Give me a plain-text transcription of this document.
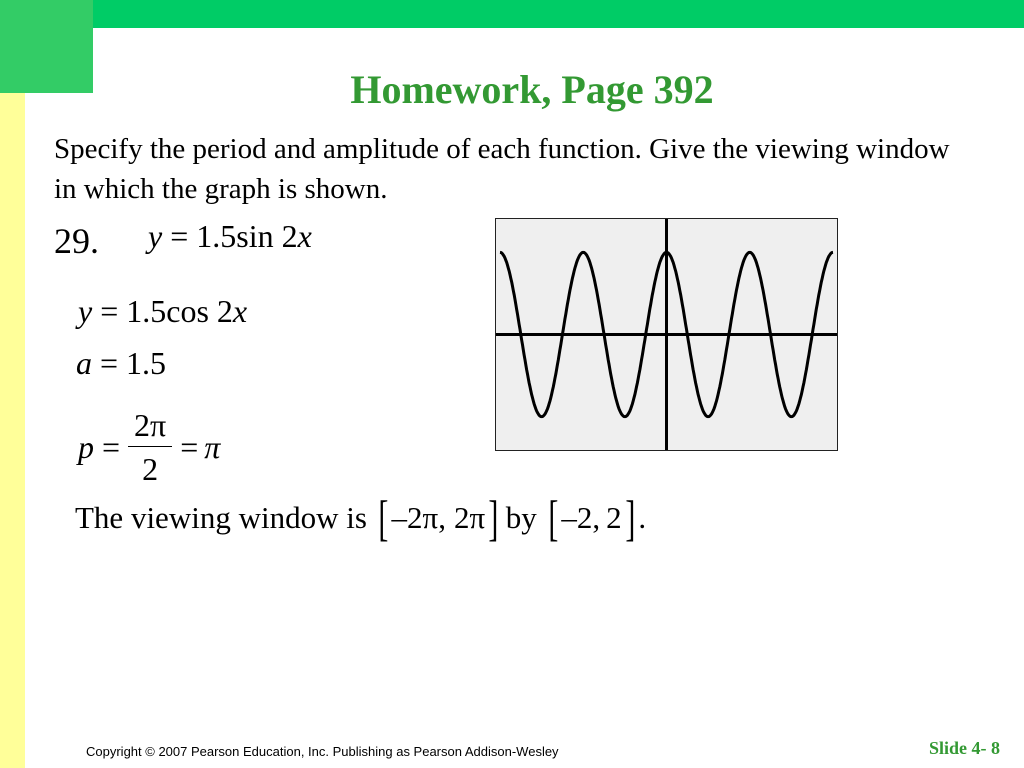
Homework, Page 392

Specify the period and amplitude of each function. Give the viewing window in which the graph is shown.

29. y = 1.5sin 2x
y = 1.5cos 2x
a = 1.5
$p = \frac{2\pi}{2} = \pi$
The viewing window is [ –2π , 2π ] by [ –2 , 2 ] .
Copyright © 2007 Pearson Education, Inc. Publishing as Pearson Addison-Wesley	Slide 4- 8
